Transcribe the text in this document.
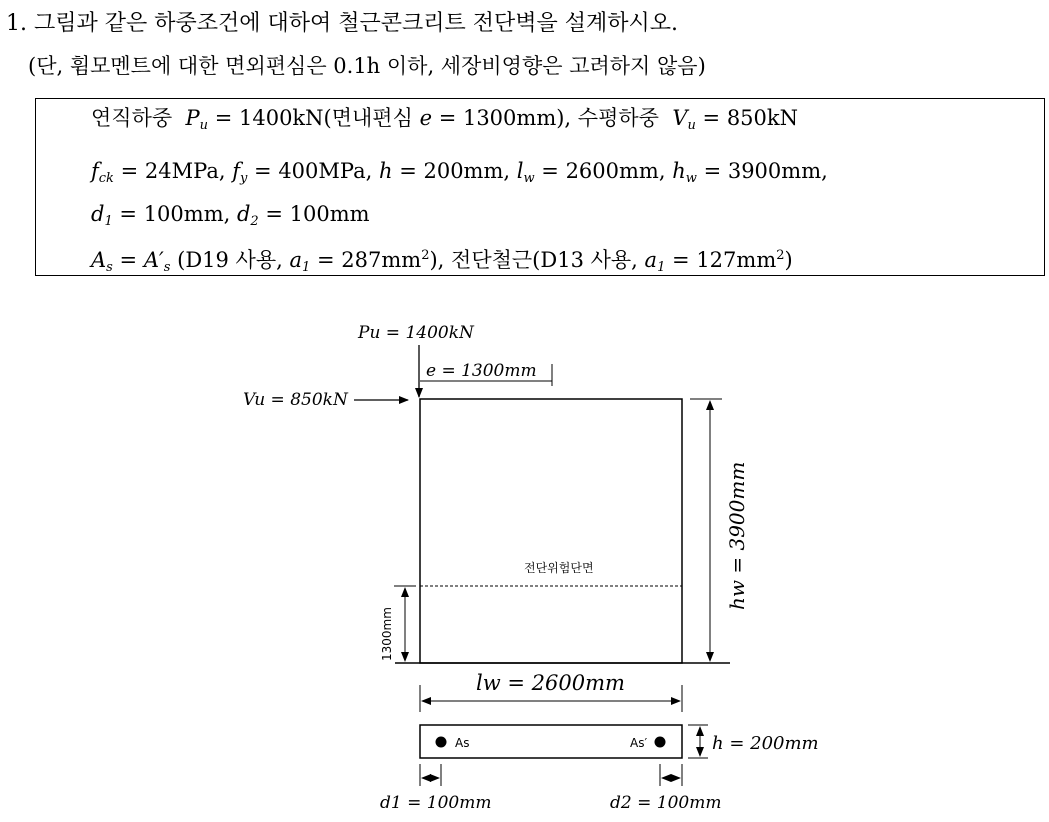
1. 그림과 같은 하중조건에 대하여 철근콘크리트 전단벽을 설계하시오.
(단, 휨모멘트에 대한 면외편심은 0.1h 이하, 세장비영향은 고려하지 않음)
연직하중 $P_u = 1400kN$(면내편심 e = 1300mm), 수평하중 $V_u = 850kN$
$f_{ck} = 24MPa$, $f_y = 400MPa$, h = 200mm, $l_w = 2600mm$, $h_w = 3900mm$,
$d_1 = 100mm$, $d_2 = 100mm$
$A_s = A'_s$ (D19 사용, $a_1 = 287mm^2$), 전단철근(D13 사용, $a_1 = 127mm^2$)
Pu = 1400kN
e = 1300mm
Vu = 850kN
전단위험단면
1300mm
hw = 3900mm
lw = 2600mm
As	As′	h = 200mm
d1 = 100mm	d2 = 100mm
